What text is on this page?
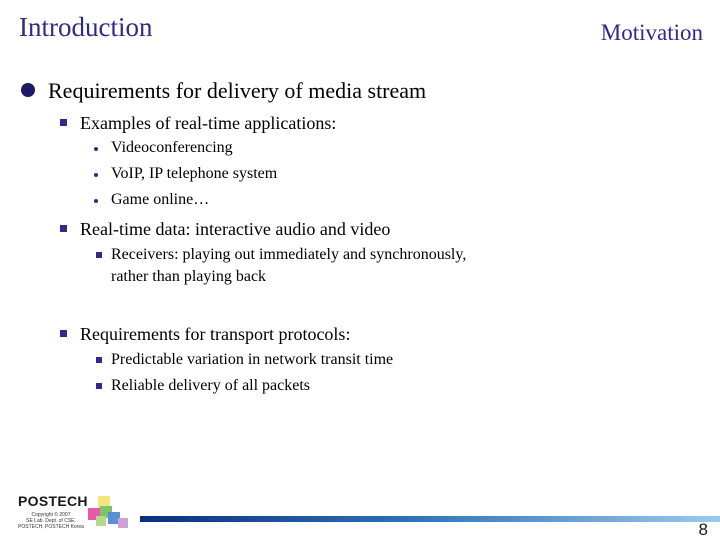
Introduction	Motivation
Requirements for delivery of media stream
Examples of real-time applications:
Videoconferencing
VoIP, IP telephone system
Game online…
Real-time data: interactive audio and video
Receivers: playing out immediately and synchronously,
rather than playing back
Requirements for transport protocols:
Predictable variation in network transit time
Reliable delivery of all packets
POSTECH
Copyright © 2007
SE Lab. Dept. of CSE,
POSTECH, POSTECH Korea	8
